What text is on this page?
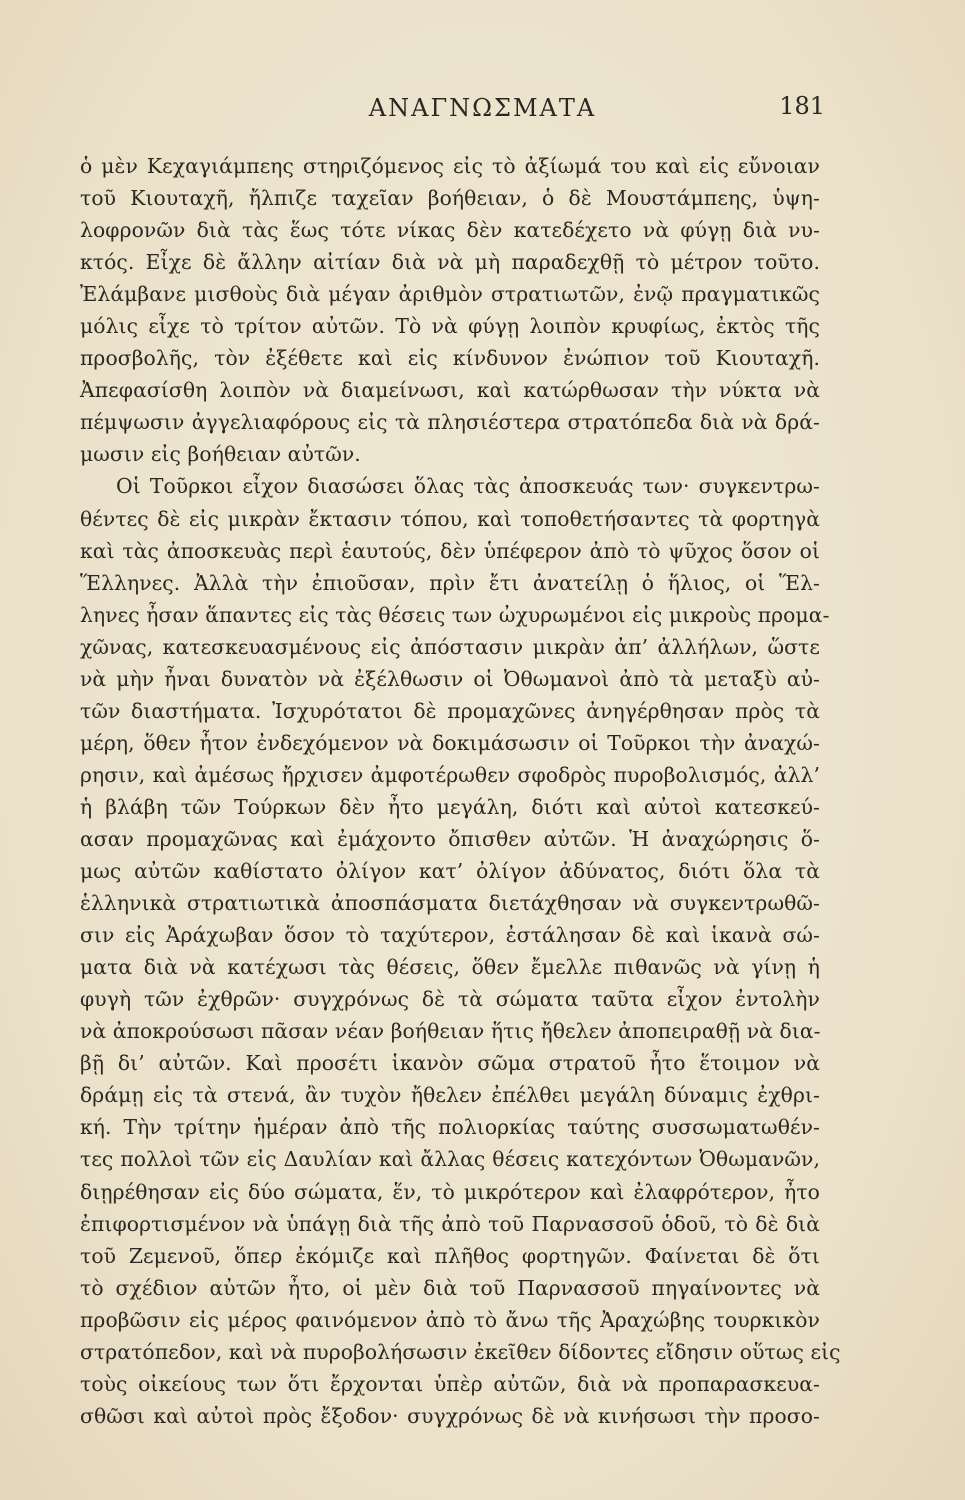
ΑΝΑΓΝΩΣΜΑΤΑ	181
ὁ μὲν Κεχαγιάμπεης στηριζόμενος εἰς τὸ ἀξίωμά του καὶ εἰς εὔνοιαν
τοῦ Κιουταχῆ, ἤλπιζε ταχεῖαν βοήθειαν, ὁ δὲ Μουστάμπεης, ὑψη-
λοφρονῶν διὰ τὰς ἕως τότε νίκας δὲν κατεδέχετο νὰ φύγῃ διὰ νυ-
κτός. Εἶχε δὲ ἄλλην αἰτίαν διὰ νὰ μὴ παραδεχθῇ τὸ μέτρον τοῦτο.
Ἐλάμβανε μισθοὺς διὰ μέγαν ἀριθμὸν στρατιωτῶν, ἐνῷ πραγματικῶς
μόλις εἶχε τὸ τρίτον αὐτῶν. Τὸ νὰ φύγῃ λοιπὸν κρυφίως, ἐκτὸς τῆς
προσβολῆς, τὸν ἐξέθετε καὶ εἰς κίνδυνον ἐνώπιον τοῦ Κιουταχῆ.
Ἀπεφασίσθη λοιπὸν νὰ διαμείνωσι, καὶ κατώρθωσαν τὴν νύκτα νὰ
πέμψωσιν ἀγγελιαφόρους εἰς τὰ πλησιέστερα στρατόπεδα διὰ νὰ δρά-
μωσιν εἰς βοήθειαν αὐτῶν.
Οἱ Τοῦρκοι εἶχον διασώσει ὅλας τὰς ἀποσκευάς των· συγκεντρω-
θέντες δὲ εἰς μικρὰν ἔκτασιν τόπου, καὶ τοποθετήσαντες τὰ φορτηγὰ
καὶ τὰς ἀποσκευὰς περὶ ἑαυτούς, δὲν ὑπέφερον ἀπὸ τὸ ψῦχος ὅσον οἱ
Ἕλληνες. Ἀλλὰ τὴν ἐπιοῦσαν, πρὶν ἔτι ἀνατείλῃ ὁ ἥλιος, οἱ Ἕλ-
ληνες ἦσαν ἅπαντες εἰς τὰς θέσεις των ὠχυρωμένοι εἰς μικροὺς προμα-
χῶνας, κατεσκευασμένους εἰς ἀπόστασιν μικρὰν ἀπ’ ἀλλήλων, ὥστε
νὰ μὴν ἦναι δυνατὸν νὰ ἐξέλθωσιν οἱ Ὀθωμανοὶ ἀπὸ τὰ μεταξὺ αὐ-
τῶν διαστήματα. Ἰσχυρότατοι δὲ προμαχῶνες ἀνηγέρθησαν πρὸς τὰ
μέρη, ὅθεν ἦτον ἐνδεχόμενον νὰ δοκιμάσωσιν οἱ Τοῦρκοι τὴν ἀναχώ-
ρησιν, καὶ ἀμέσως ἤρχισεν ἀμφοτέρωθεν σφοδρὸς πυροβολισμός, ἀλλ’
ἡ βλάβη τῶν Τούρκων δὲν ἦτο μεγάλη, διότι καὶ αὐτοὶ κατεσκεύ-
ασαν προμαχῶνας καὶ ἐμάχοντο ὄπισθεν αὐτῶν. Ἡ ἀναχώρησις ὅ-
μως αὐτῶν καθίστατο ὀλίγον κατ’ ὀλίγον ἀδύνατος, διότι ὅλα τὰ
ἑλληνικὰ στρατιωτικὰ ἀποσπάσματα διετάχθησαν νὰ συγκεντρωθῶ-
σιν εἰς Ἀράχωβαν ὅσον τὸ ταχύτερον, ἐστάλησαν δὲ καὶ ἱκανὰ σώ-
ματα διὰ νὰ κατέχωσι τὰς θέσεις, ὅθεν ἔμελλε πιθανῶς νὰ γίνῃ ἡ
φυγὴ τῶν ἐχθρῶν· συγχρόνως δὲ τὰ σώματα ταῦτα εἶχον ἐντολὴν
νὰ ἀποκρούσωσι πᾶσαν νέαν βοήθειαν ἥτις ἤθελεν ἀποπειραθῇ νὰ δια-
βῇ δι’ αὐτῶν. Καὶ προσέτι ἱκανὸν σῶμα στρατοῦ ἦτο ἕτοιμον νὰ
δράμῃ εἰς τὰ στενά, ἂν τυχὸν ἤθελεν ἐπέλθει μεγάλη δύναμις ἐχθρι-
κή. Τὴν τρίτην ἡμέραν ἀπὸ τῆς πολιορκίας ταύτης συσσωματωθέν-
τες πολλοὶ τῶν εἰς Δαυλίαν καὶ ἄλλας θέσεις κατεχόντων Ὀθωμανῶν,
διῃρέθησαν εἰς δύο σώματα, ἕν, τὸ μικρότερον καὶ ἐλαφρότερον, ἦτο
ἐπιφορτισμένον νὰ ὑπάγῃ διὰ τῆς ἀπὸ τοῦ Παρνασσοῦ ὁδοῦ, τὸ δὲ διὰ
τοῦ Ζεμενοῦ, ὅπερ ἐκόμιζε καὶ πλῆθος φορτηγῶν. Φαίνεται δὲ ὅτι
τὸ σχέδιον αὐτῶν ἦτο, οἱ μὲν διὰ τοῦ Παρνασσοῦ πηγαίνοντες νὰ
προβῶσιν εἰς μέρος φαινόμενον ἀπὸ τὸ ἄνω τῆς Ἀραχώβης τουρκικὸν
στρατόπεδον, καὶ νὰ πυροβολήσωσιν ἐκεῖθεν δίδοντες εἴδησιν οὕτως εἰς
τοὺς οἰκείους των ὅτι ἔρχονται ὑπὲρ αὐτῶν, διὰ νὰ προπαρασκευα-
σθῶσι καὶ αὐτοὶ πρὸς ἔξοδον· συγχρόνως δὲ νὰ κινήσωσι τὴν προσο-
